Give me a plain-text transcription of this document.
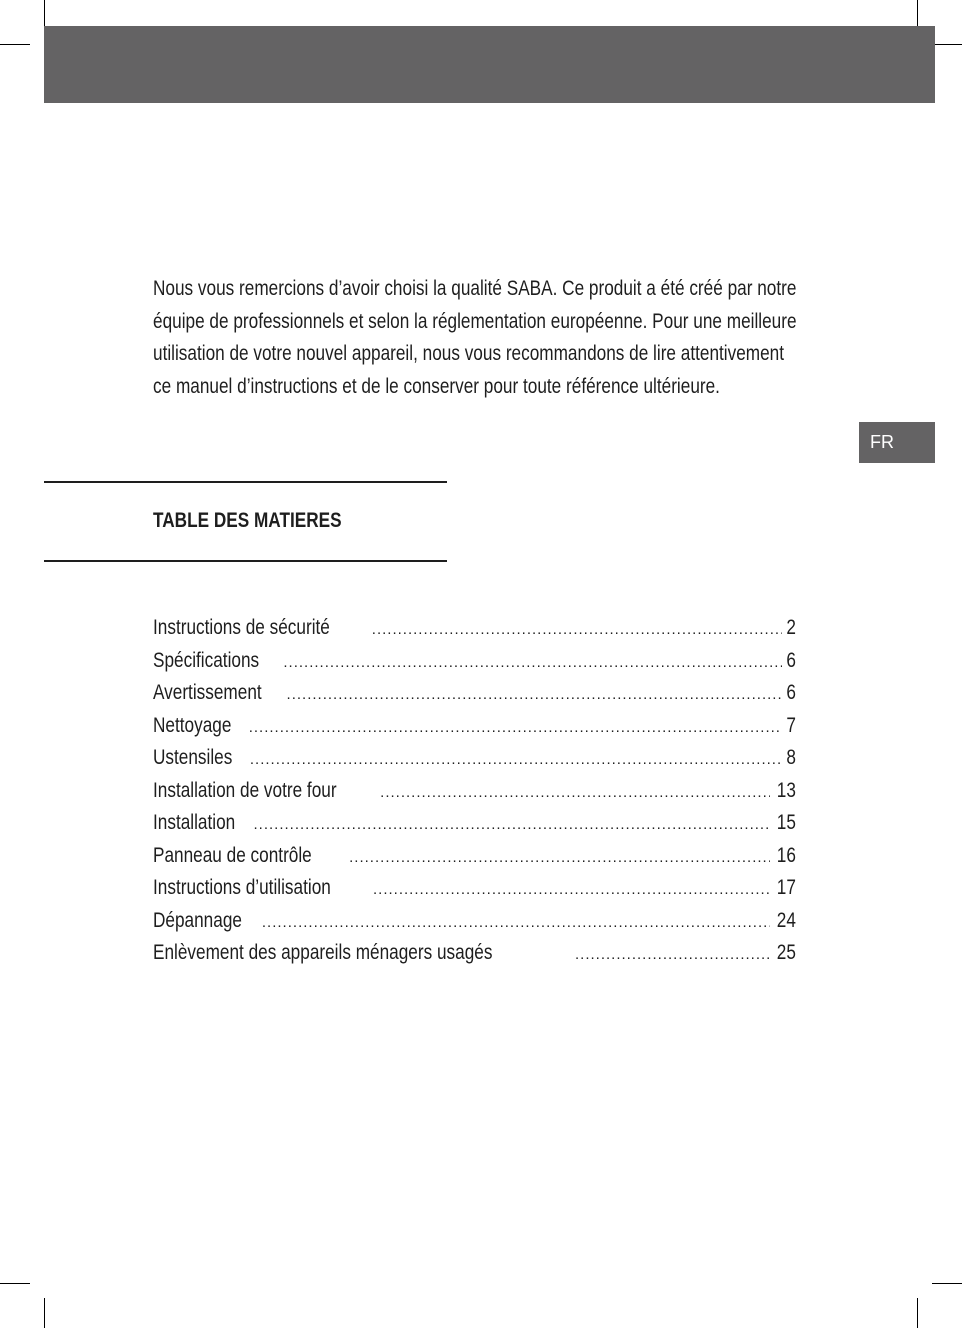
FR

Nous vous remercions d’avoir choisi la qualité SABA. Ce produit a été créé par notre équipe de professionnels et selon la réglementation européenne. Pour une meilleure utilisation de votre nouvel appareil, nous vous recommandons de lire attentivement ce manuel d’instructions et de le conserver pour toute référence ultérieure.

TABLE DES MATIERES
Instructions de sécurité .....	2
Spécifications .....	6
Avertissement .....	6
Nettoyage .....	7
Ustensiles .....	8
Installation de votre four .....	13
Installation .....	15
Panneau de contrôle .....	16
Instructions d’utilisation .....	17
Dépannage .....	24
Enlèvement des appareils ménagers usagés .....	25
